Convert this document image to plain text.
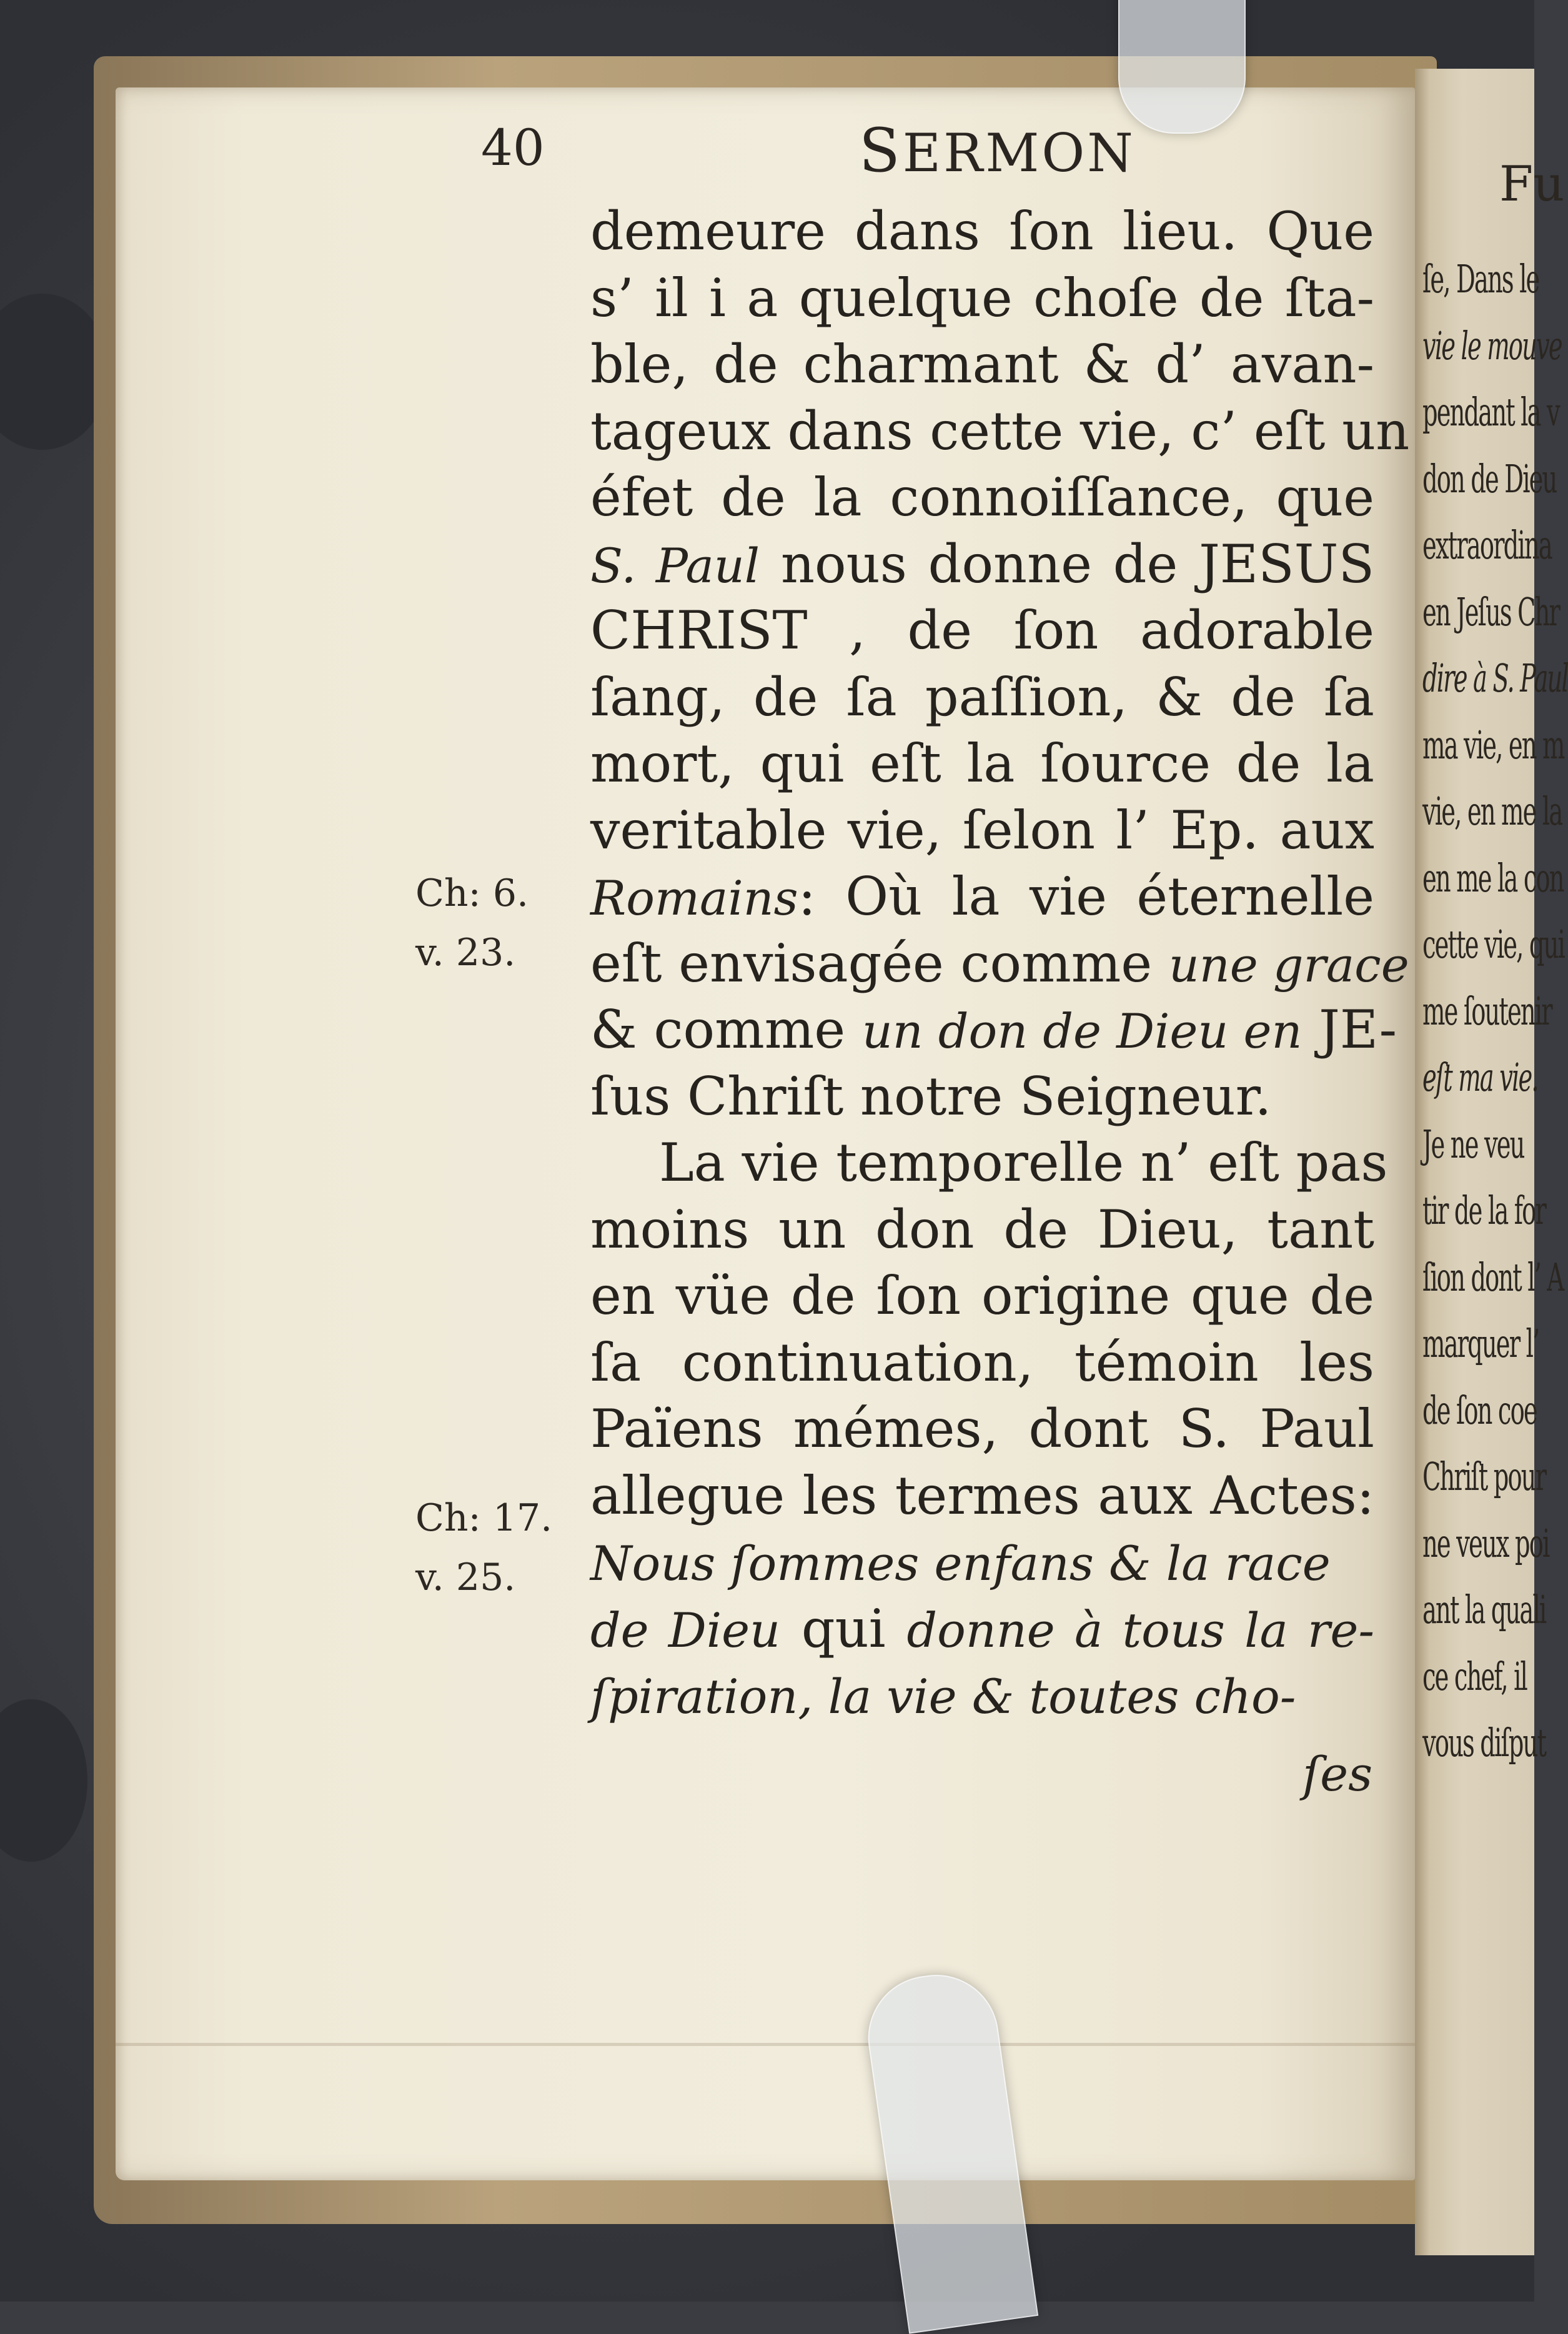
Fu
ſe, Dans le
vie le mouve
pendant la v
don de Dieu
extraordina
en Jeſus Chr
dire à S. Paul
ma vie, en m
vie, en me la
en me la con
cette vie, qui
me ſoutenir
eſt ma vie.
Je ne veu
tir de la for
ſion dont l’ A
marquer l’
de ſon coe
Chriſt pour
ne veux poi
ant la quali
ce chef, il
vous diſput
40	SERMON
demeure dans ſon lieu. Que
s’ il i a quelque choſe de ſta-
ble, de charmant & d’ avan-
tageux dans cette vie, c’ eſt un
éfet de la connoiſſance, que
S. Paul nous donne de JESUS
CHRIST , de ſon adorable
ſang, de ſa paſſion, & de ſa
mort, qui eſt la ſource de la
veritable vie, ſelon l’ Ep. aux
Romains: Où la vie éternelle
eſt envisagée comme une grace
& comme un don de Dieu en JE-
ſus Chriſt notre Seigneur.
La vie temporelle n’ eſt pas
moins un don de Dieu, tant
en vüe de ſon origine que de
ſa continuation, témoin les
Païens mémes, dont S. Paul
allegue les termes aux Actes:
Nous ſommes enfans & la race
de Dieu qui donne à tous la re-
ſpiration, la vie & toutes cho-
Ch: 6.
v. 23.
Ch: 17.
v. 25.
ſes
